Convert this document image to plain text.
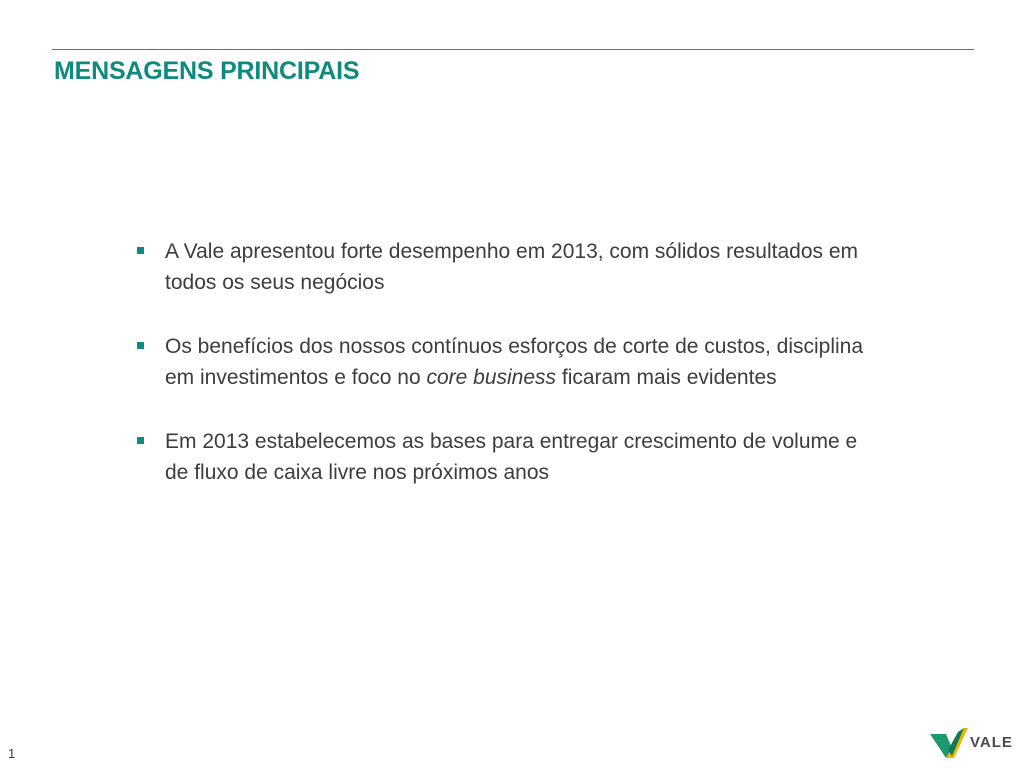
MENSAGENS PRINCIPAIS
A Vale apresentou forte desempenho em 2013, com sólidos resultados em todos os seus negócios
Os benefícios dos nossos contínuos esforços de corte de custos, disciplina em investimentos e foco no core business ficaram mais evidentes
Em 2013 estabelecemos as bases para entregar crescimento de volume e de fluxo de caixa livre nos próximos anos
1
VALE
